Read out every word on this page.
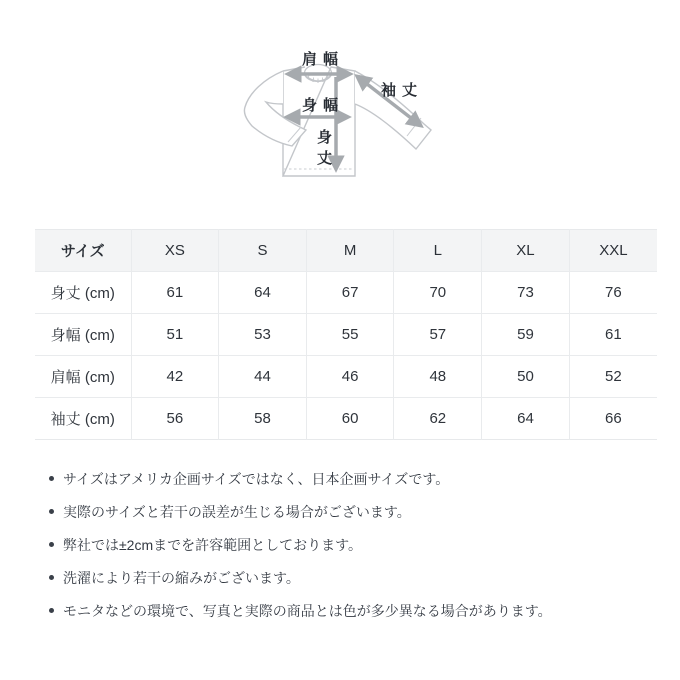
肩幅
袖丈
身幅
身丈
サイズ	XS	S	M	L	XL	XXL
身丈 (cm)	61	64	67	70	73	76
身幅 (cm)	51	53	55	57	59	61
肩幅 (cm)	42	44	46	48	50	52
袖丈 (cm)	56	58	60	62	64	66
サイズはアメリカ企画サイズではなく、日本企画サイズです。
実際のサイズと若干の誤差が生じる場合がございます。
弊社では±2cmまでを許容範囲としております。
洗濯により若干の縮みがございます。
モニタなどの環境で、写真と実際の商品とは色が多少異なる場合があります。
